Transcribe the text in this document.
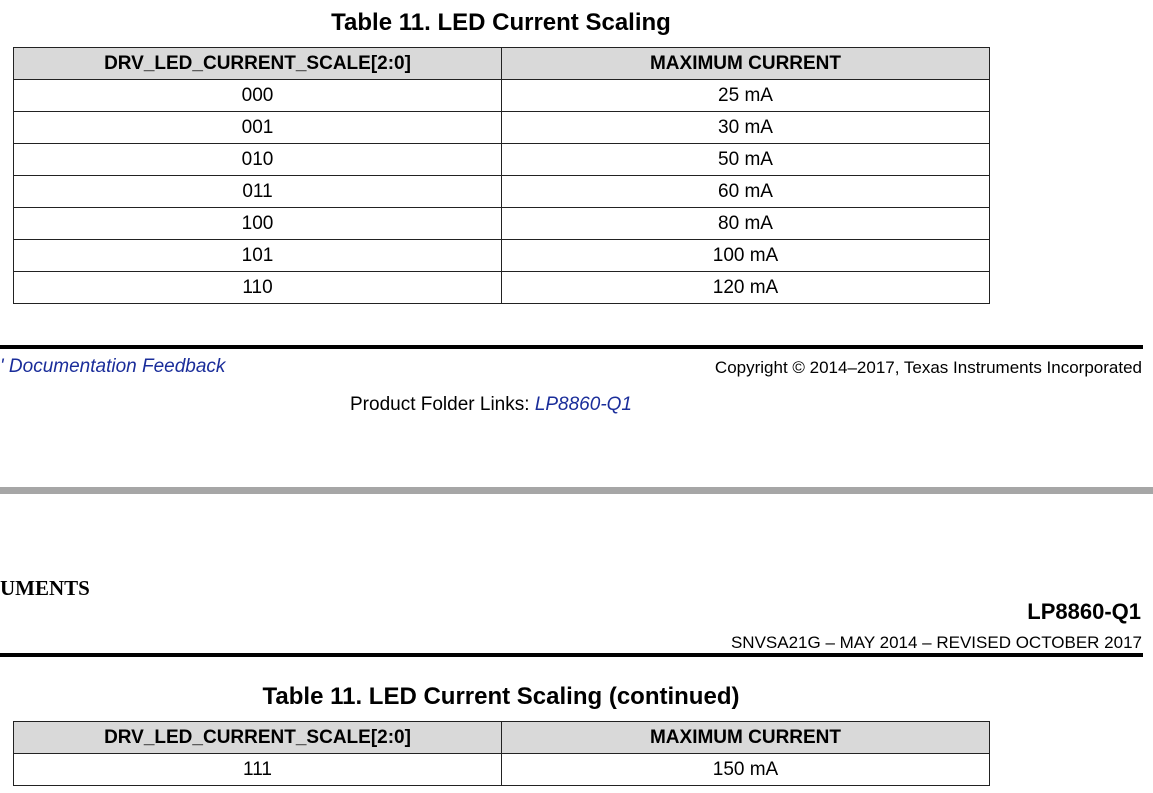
Table 11. LED Current Scaling
DRV_LED_CURRENT_SCALE[2:0]	MAXIMUM CURRENT
000	25 mA
001	30 mA
010	50 mA
011	60 mA
100	80 mA
101	100 mA
110	120 mA
' Documentation Feedback	Copyright © 2014–2017, Texas Instruments Incorporated
Product Folder Links: LP8860-Q1
UMENTS
LP8860-Q1
SNVSA21G – MAY 2014 – REVISED OCTOBER 2017
Table 11. LED Current Scaling (continued)
DRV_LED_CURRENT_SCALE[2:0]	MAXIMUM CURRENT
111	150 mA
